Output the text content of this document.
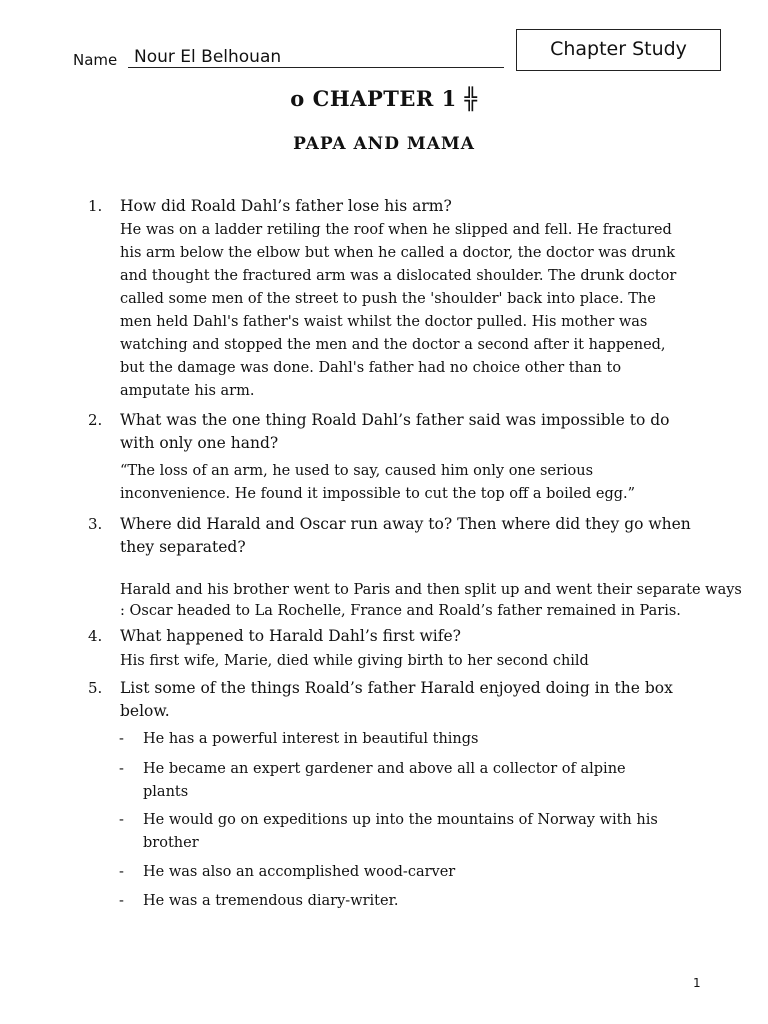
Chapter Study
Name Nour El Belhouan
o CHAPTER 1 ╬
PAPA AND MAMA
1. How did Roald Dahl’s father lose his arm?
He was on a ladder retiling the roof when he slipped and fell. He fractured his arm below the elbow but when he called a doctor, the doctor was drunk and thought the fractured arm was a dislocated shoulder. The drunk doctor called some men of the street to push the 'shoulder' back into place. The men held Dahl's father's waist whilst the doctor pulled. His mother was watching and stopped the men and the doctor a second after it happened, but the damage was done. Dahl's father had no choice other than to amputate his arm.
2. What was the one thing Roald Dahl’s father said was impossible to do with only one hand?
“The loss of an arm, he used to say, caused him only one serious inconvenience. He found it impossible to cut the top off a boiled egg.”
3. Where did Harald and Oscar run away to? Then where did they go when they separated?
Harald and his brother went to Paris and then split up and went their separate ways : Oscar headed to La Rochelle, France and Roald’s father remained in Paris.
4. What happened to Harald Dahl’s first wife?
His first wife, Marie, died while giving birth to her second child
5. List some of the things Roald’s father Harald enjoyed doing in the box below.
- He has a powerful interest in beautiful things
- He became an expert gardener and above all a collector of alpine plants
- He would go on expeditions up into the mountains of Norway with his brother
- He was also an accomplished wood-carver
- He was a tremendous diary-writer.
1
